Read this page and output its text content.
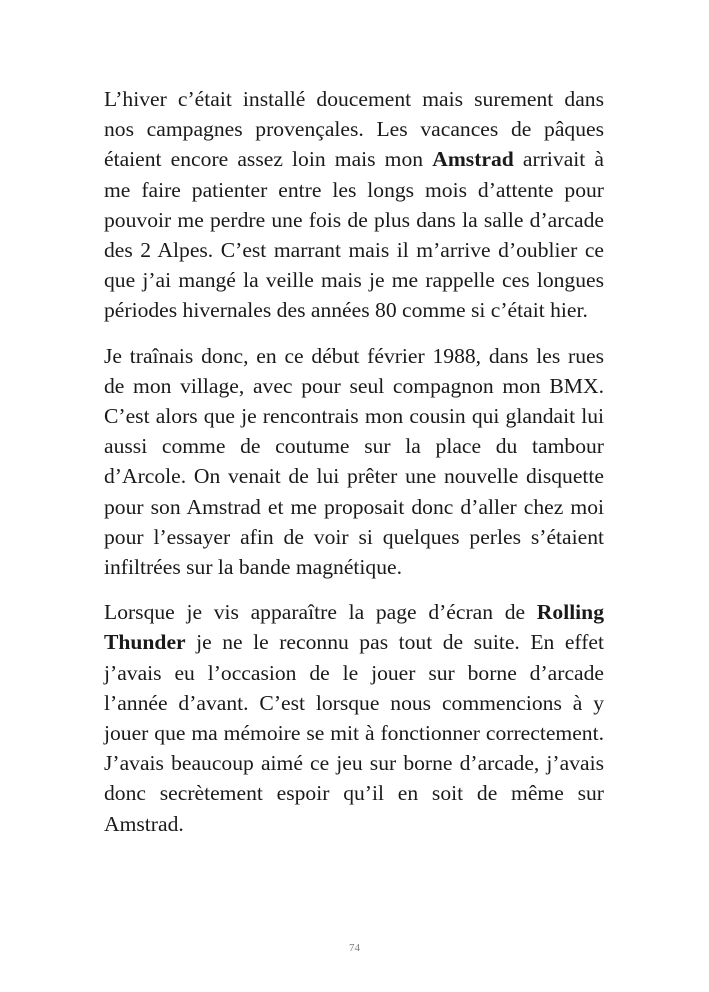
L’hiver c’était installé doucement mais surement dans nos campagnes provençales. Les vacances de pâques étaient encore assez loin mais mon Amstrad arrivait à me faire patienter entre les longs mois d’attente pour pouvoir me perdre une fois de plus dans la salle d’arcade des 2 Alpes. C’est marrant mais il m’arrive d’oublier ce que j’ai mangé la veille mais je me rappelle ces longues périodes hivernales des années 80 comme si c’était hier.

Je traînais donc, en ce début février 1988, dans les rues de mon village, avec pour seul compagnon mon BMX. C’est alors que je rencontrais mon cousin qui glandait lui aussi comme de coutume sur la place du tambour d’Arcole. On venait de lui prêter une nouvelle disquette pour son Amstrad et me proposait donc d’aller chez moi pour l’essayer afin de voir si quelques perles s’étaient infiltrées sur la bande magnétique.

Lorsque je vis apparaître la page d’écran de Rolling Thunder je ne le reconnu pas tout de suite. En effet j’avais eu l’occasion de le jouer sur borne d’arcade l’année d’avant. C’est lorsque nous commencions à y jouer que ma mémoire se mit à fonctionner correctement. J’avais beaucoup aimé ce jeu sur borne d’arcade, j’avais donc secrètement espoir qu’il en soit de même sur Amstrad.

74
